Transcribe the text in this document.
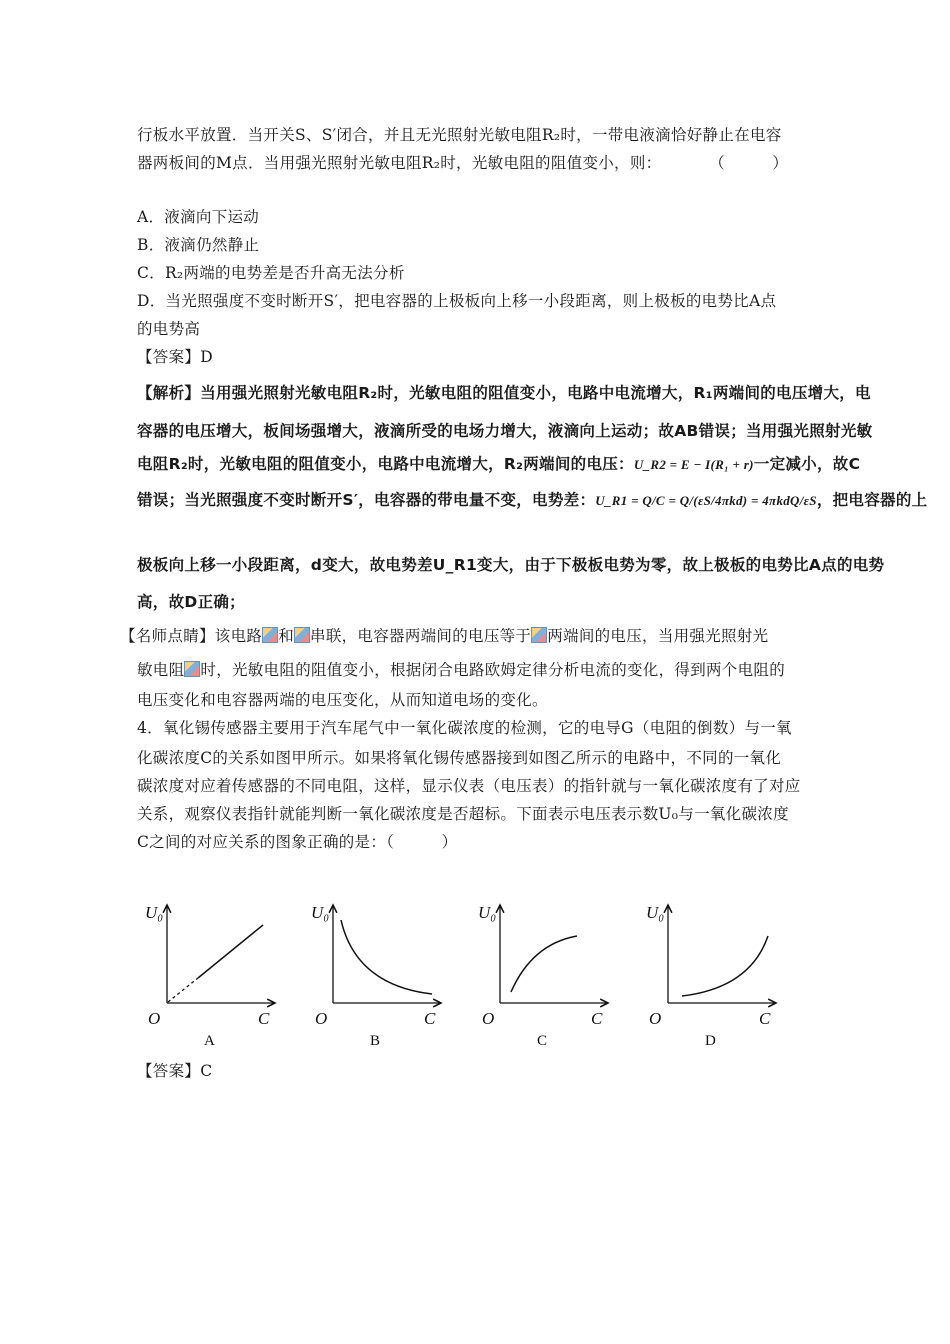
行板水平放置．当开关S、S′闭合，并且无光照射光敏电阻R₂时，一带电液滴恰好静止在电容
器两板间的M点．当用强光照射光敏电阻R₂时，光敏电阻的阻值变小，则：　　　　（　　　）
A．液滴向下运动
B．液滴仍然静止
C．R₂两端的电势差是否升高无法分析
D．当光照强度不变时断开S′，把电容器的上极板向上移一小段距离，则上极板的电势比A点
的电势高
【答案】D
【解析】当用强光照射光敏电阻R₂时，光敏电阻的阻值变小，电路中电流增大，R₁两端间的电压增大，电
容器的电压增大，板间场强增大，液滴所受的电场力增大，液滴向上运动；故AB错误；当用强光照射光敏
电阻R₂时，光敏电阻的阻值变小，电路中电流增大，R₂两端间的电压：U_R2 = E − I(R₁ + r)一定减小，故C
错误；当光照强度不变时断开S′，电容器的带电量不变，电势差：U_R1 = Q/C = Q/(εS/4πkd) = 4πkdQ/εS，把电容器的上
极板向上移一小段距离，d变大，故电势差U_R1变大，由于下极板电势为零，故上极板的电势比A点的电势
高，故D正确；
【名师点睛】该电路 和 串联，电容器两端间的电压等于 两端间的电压，当用强光照射光
敏电阻 时，光敏电阻的阻值变小，根据闭合电路欧姆定律分析电流的变化，得到两个电阻的
电压变化和电容器两端的电压变化，从而知道电场的变化。
4．氧化锡传感器主要用于汽车尾气中一氧化碳浓度的检测，它的电导G（电阻的倒数）与一氧
化碳浓度C的关系如图甲所示。如果将氧化锡传感器接到如图乙所示的电路中，不同的一氧化
碳浓度对应着传感器的不同电阻，这样，显示仪表（电压表）的指针就与一氧化碳浓度有了对应
关系，观察仪表指针就能判断一氧化碳浓度是否超标。下面表示电压表示数U₀与一氧化碳浓度
C之间的对应关系的图象正确的是：（　　　）
U₀
O	C
A
U₀
O	C
B
U₀
O	C
C
U₀
O	C
D
【答案】C
